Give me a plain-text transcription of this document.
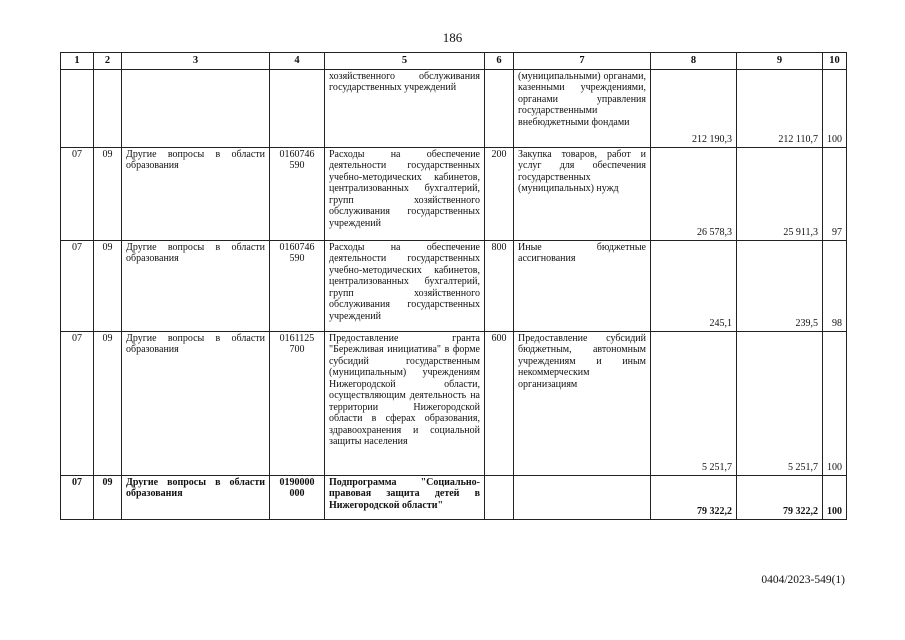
186
1	2	3	4	5	6	7	8	9	10
				хозяйственного обслуживания государственных учреждений		(муниципальными) органами, казенными учреждениями, органами управления государственными внебюджетными фондами	212 190,3	212 110,7	100
07	09	Другие вопросы в области образования	0160746 590	Расходы на обеспечение деятельности государственных учебно-методических кабинетов, централизованных бухгалтерий, групп хозяйственного обслуживания государственных учреждений	200	Закупка товаров, работ и услуг для обеспечения государственных (муниципальных) нужд	26 578,3	25 911,3	97
07	09	Другие вопросы в области образования	0160746 590	Расходы на обеспечение деятельности государственных учебно-методических кабинетов, централизованных бухгалтерий, групп хозяйственного обслуживания государственных учреждений	800	Иные бюджетные ассигнования	245,1	239,5	98
07	09	Другие вопросы в области образования	0161125 700	Предоставление гранта "Бережливая инициатива" в форме субсидий государственным (муниципальным) учреждениям Нижегородской области, осуществляющим деятельность на территории Нижегородской области в сферах образования, здравоохранения и социальной защиты населения	600	Предоставление субсидий бюджетным, автономным учреждениям и иным некоммерческим организациям	5 251,7	5 251,7	100
07	09	Другие вопросы в области образования	0190000 000	Подпрограмма "Социально-правовая защита детей в Нижегородской области"			79 322,2	79 322,2	100
0404/2023-549(1)
